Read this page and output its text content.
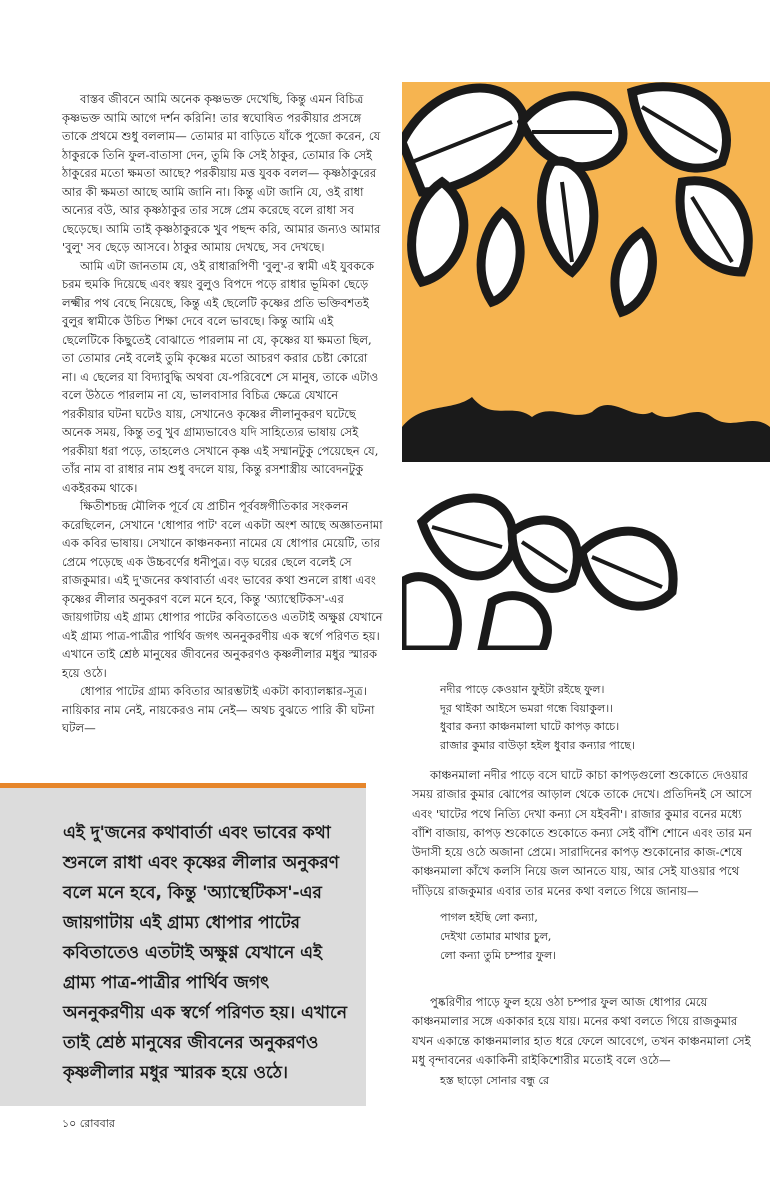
বাস্তব জীবনে আমি অনেক কৃষ্ণভক্ত দেখেছি, কিন্তু এমন বিচিত্র কৃষ্ণভক্ত আমি আগে দর্শন করিনি! তার স্বঘোষিত পরকীয়ার প্রসঙ্গে তাকে প্রথমে শুধু বললাম— তোমার মা বাড়িতে যাঁকে পুজো করেন, যে ঠাকুরকে তিনি ফুল-বাতাসা দেন, তুমি কি সেই ঠাকুর, তোমার কি সেই ঠাকুরের মতো ক্ষমতা আছে? পরকীয়ায় মত্ত যুবক বলল— কৃষ্ণঠাকুরের আর কী ক্ষমতা আছে আমি জানি না। কিন্তু এটা জানি যে, ওই রাধা অন্যের বউ, আর কৃষ্ণঠাকুর তার সঙ্গে প্রেম করেছে বলে রাধা সব ছেড়েছে। আমি তাই কৃষ্ণঠাকুরকে খুব পছন্দ করি, আমার জন্যও আমার 'বুলু' সব ছেড়ে আসবে। ঠাকুর আমায় দেখছে, সব দেখছে।

আমি এটা জানতাম যে, ওই রাধারূপিণী 'বুলু'-র স্বামী এই যুবককে চরম হুমকি দিয়েছে এবং স্বয়ং বুলুও বিপদে পড়ে রাধার ভূমিকা ছেড়ে লক্ষ্মীর পথ বেছে নিয়েছে, কিন্তু এই ছেলেটি কৃষ্ণের প্রতি ভক্তিবশতই বুলুর স্বামীকে উচিত শিক্ষা দেবে বলে ভাবছে। কিন্তু আমি এই ছেলেটিকে কিছুতেই বোঝাতে পারলাম না যে, কৃষ্ণের যা ক্ষমতা ছিল, তা তোমার নেই বলেই তুমি কৃষ্ণের মতো আচরণ করার চেষ্টা কোরো না। এ ছেলের যা বিদ্যাবুদ্ধি অথবা যে-পরিবেশে সে মানুষ, তাকে এটাও বলে উঠতে পারলাম না যে, ভালবাসার বিচিত্র ক্ষেত্রে যেখানে পরকীয়ার ঘটনা ঘটেও যায়, সেখানেও কৃষ্ণের লীলানুকরণ ঘটেছে অনেক সময়, কিন্তু তবু খুব গ্রাম্যভাবেও যদি সাহিত্যের ভাষায় সেই পরকীয়া ধরা পড়ে, তাহলেও সেখানে কৃষ্ণ এই সম্মানটুকু পেয়েছেন যে, তাঁর নাম বা রাধার নাম শুধু বদলে যায়, কিন্তু রসশাস্ত্রীয় আবেদনটুকু একইরকম থাকে।

ক্ষিতীশচন্দ্র মৌলিক পূর্বে যে প্রাচীন পূর্ববঙ্গগীতিকার সংকলন করেছিলেন, সেখানে 'ধোপার পাট' বলে একটা অংশ আছে অজ্ঞাতনামা এক কবির ভাষায়। সেখানে কাঞ্চনকন্যা নামের যে ধোপার মেয়েটি, তার প্রেমে পড়েছে এক উচ্চবর্ণের ধনীপুত্র। বড় ঘরের ছেলে বলেই সে রাজকুমার। এই দু'জনের কথাবার্তা এবং ভাবের কথা শুনলে রাধা এবং কৃষ্ণের লীলার অনুকরণ বলে মনে হবে, কিন্তু 'অ্যাস্থেটিকস'-এর জায়গাটায় এই গ্রাম্য ধোপার পাটের কবিতাতেও এতটাই অক্ষুণ্ণ যেখানে এই গ্রাম্য পাত্র-পাত্রীর পার্থিব জগৎ অননুকরণীয় এক স্বর্গে পরিণত হয়। এখানে তাই শ্রেষ্ঠ মানুষের জীবনের অনুকরণও কৃষ্ণলীলার মধুর স্মারক হয়ে ওঠে।

ধোপার পাটের গ্রাম্য কবিতার আরম্ভটাই একটা কাব্যালঙ্কার-সূত্র। নায়িকার নাম নেই, নায়কেরও নাম নেই— অথচ বুঝতে পারি কী ঘটনা ঘটল—

নদীর পাড়ে কেওয়ান ফুইটা রইছে ফুল।
দূর থাইকা আইসে ভমরা গন্ধে বিয়াকুল।।
ধুবার কন্যা কাঞ্চনমালা ঘাটে কাপড় কাচে।
রাজার কুমার বাউড়া হইল ধুবার কন্যার পাছে।

কাঞ্চনমালা নদীর পাড়ে বসে ঘাটে কাচা কাপড়গুলো শুকোতে দেওয়ার সময় রাজার কুমার ঝোপের আড়াল থেকে তাকে দেখে। প্রতিদিনই সে আসে এবং 'ঘাটের পথে নিত্যি দেখা কন্যা সে যইবনী'। রাজার কুমার বনের মধ্যে বাঁশি বাজায়, কাপড় শুকোতে শুকোতে কন্যা সেই বাঁশি শোনে এবং তার মন উদাসী হয়ে ওঠে অজানা প্রেমে। সারাদিনের কাপড় শুকোনোর কাজ-শেষে কাঞ্চনমালা কাঁখে কলসি নিয়ে জল আনতে যায়, আর সেই যাওয়ার পথে দাঁড়িয়ে রাজকুমার এবার তার মনের কথা বলতে গিয়ে জানায়—

পাগল হইছি লো কন্যা,
দেইখা তোমার মাথার চুল,
লো কন্যা তুমি চম্পার ফুল।

পুষ্করিণীর পাড়ে ফুল হয়ে ওঠা চম্পার ফুল আজ ধোপার মেয়ে কাঞ্চনমালার সঙ্গে একাকার হয়ে যায়। মনের কথা বলতে গিয়ে রাজকুমার যখন একান্তে কাঞ্চনমালার হাত ধরে ফেলে আবেগে, তখন কাঞ্চনমালা সেই মধু বৃন্দাবনের একাকিনী রাইকিশোরীর মতোই বলে ওঠে—

হস্ত ছাড়ো সোনার বন্ধু রে
এই দু'জনের কথাবার্তা এবং ভাবের কথা শুনলে রাধা এবং কৃষ্ণের লীলার অনুকরণ বলে মনে হবে, কিন্তু 'অ্যাস্থেটিকস'-এর জায়গাটায় এই গ্রাম্য ধোপার পাটের কবিতাতেও এতটাই অক্ষুণ্ণ যেখানে এই গ্রাম্য পাত্র-পাত্রীর পার্থিব জগৎ অননুকরণীয় এক স্বর্গে পরিণত হয়। এখানে তাই শ্রেষ্ঠ মানুষের জীবনের অনুকরণও কৃষ্ণলীলার মধুর স্মারক হয়ে ওঠে।
১০ রোববার
